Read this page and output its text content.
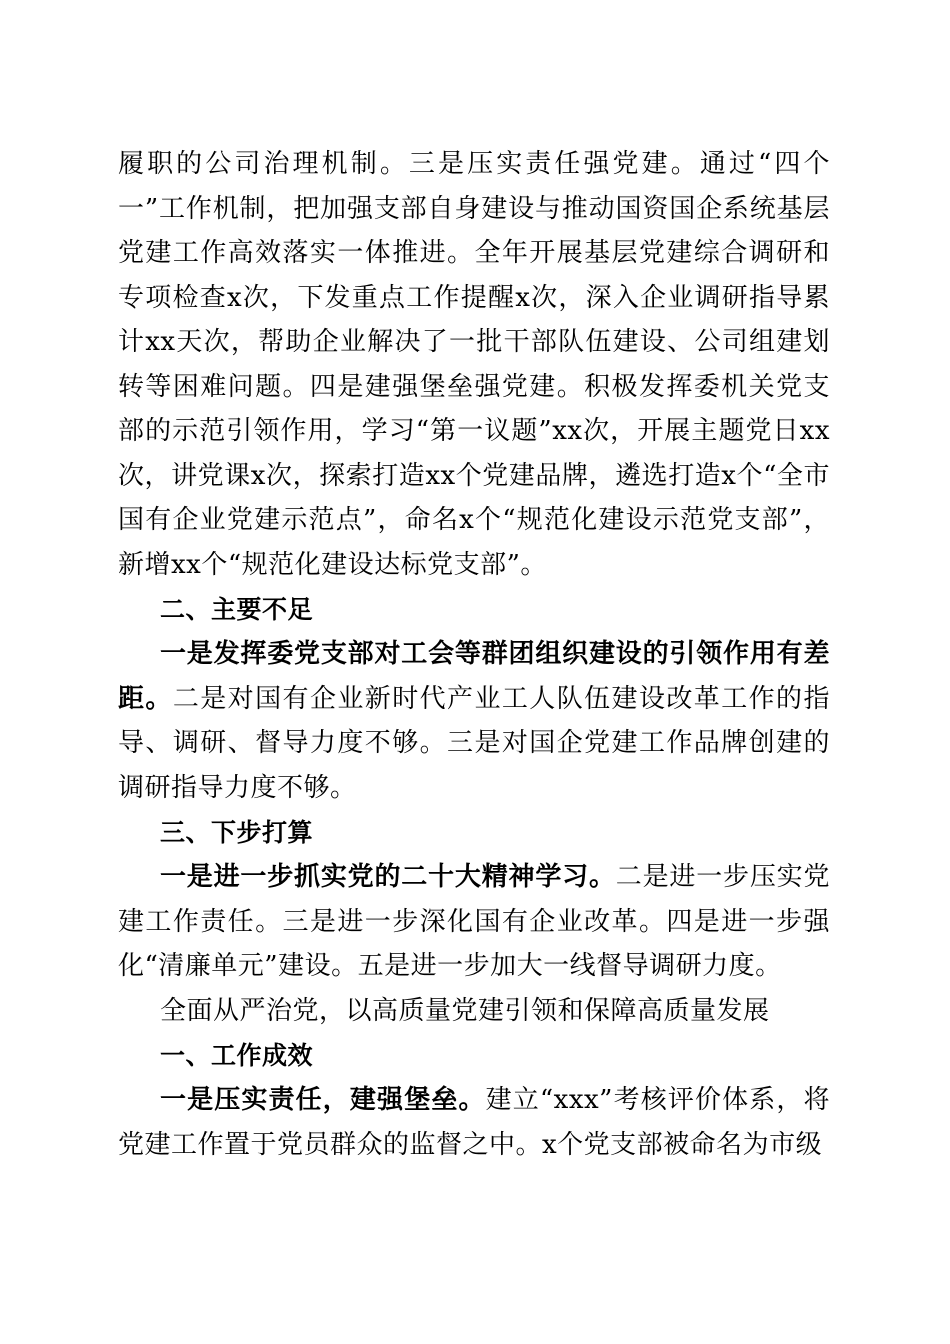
履职的公司治理机制。三是压实责任强党建。通过“四个一”工作机制，把加强支部自身建设与推动国资国企系统基层党建工作高效落实一体推进。全年开展基层党建综合调研和专项检查x次，下发重点工作提醒x次，深入企业调研指导累计xx天次，帮助企业解决了一批干部队伍建设、公司组建划转等困难问题。四是建强堡垒强党建。积极发挥委机关党支部的示范引领作用，学习“第一议题”xx次，开展主题党日xx次，讲党课x次，探索打造xx个党建品牌，遴选打造x个“全市国有企业党建示范点”，命名x个“规范化建设示范党支部”，新增xx个“规范化建设达标党支部”。

二、主要不足

一是发挥委党支部对工会等群团组织建设的引领作用有差距。二是对国有企业新时代产业工人队伍建设改革工作的指导、调研、督导力度不够。三是对国企党建工作品牌创建的调研指导力度不够。

三、下步打算

一是进一步抓实党的二十大精神学习。二是进一步压实党建工作责任。三是进一步深化国有企业改革。四是进一步强化“清廉单元”建设。五是进一步加大一线督导调研力度。

全面从严治党，以高质量党建引领和保障高质量发展

一、工作成效

一是压实责任，建强堡垒。建立“xxx”考核评价体系，将党建工作置于党员群众的监督之中。x个党支部被命名为市级
